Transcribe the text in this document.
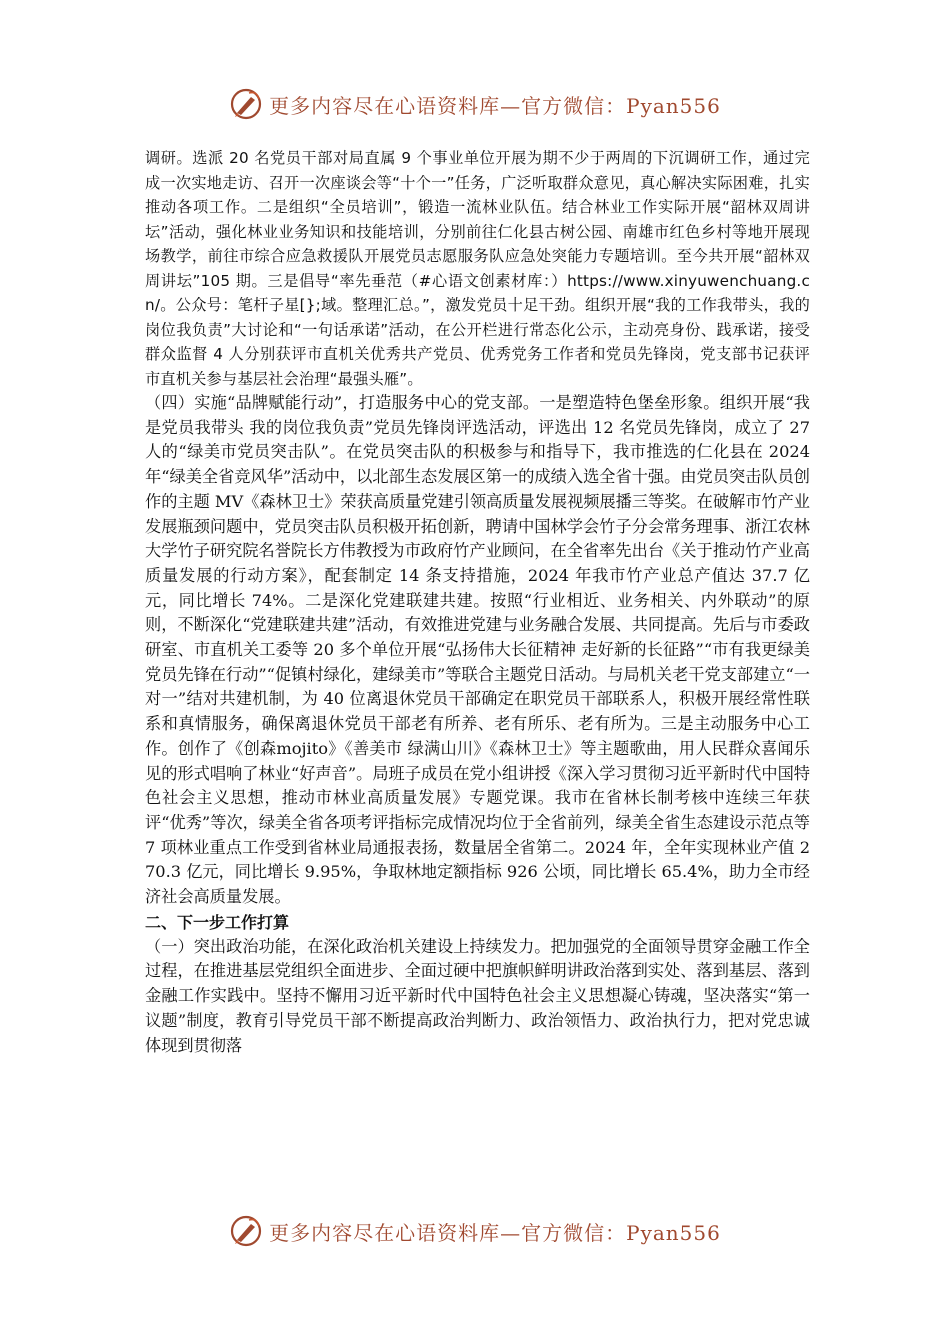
更多内容尽在心语资料库—官方微信：Pyan556

调研。选派 20 名党员干部对局直属 9 个事业单位开展为期不少于两周的下沉调研工作，通过完成一次实地走访、召开一次座谈会等“十个一”任务，广泛听取群众意见，真心解决实际困难，扎实推动各项工作。二是组织“全员培训”，锻造一流林业队伍。结合林业工作实际开展“韶林双周讲坛”活动，强化林业业务知识和技能培训，分别前往仁化县古树公园、南雄市红色乡村等地开展现场教学，前往市综合应急救援队开展党员志愿服务队应急处突能力专题培训。至今共开展“韶林双周讲坛”105 期。三是倡导“率先垂范（#心语文创素材库：）https://www.xinyuwenchuang.cn/。公众号：笔杆子星[};域。整理汇总。”，激发党员十足干劲。组织开展“我的工作我带头，我的岗位我负责”大讨论和“一句话承诺”活动，在公开栏进行常态化公示，主动亮身份、践承诺，接受群众监督 4 人分别获评市直机关优秀共产党员、优秀党务工作者和党员先锋岗，党支部书记获评市直机关参与基层社会治理“最强头雁”。

（四）实施“品牌赋能行动”，打造服务中心的党支部。一是塑造特色堡垒形象。组织开展“我是党员我带头 我的岗位我负责”党员先锋岗评选活动，评选出 12 名党员先锋岗，成立了 27 人的“绿美市党员突击队”。在党员突击队的积极参与和指导下，我市推选的仁化县在 2024 年“绿美全省竞风华”活动中，以北部生态发展区第一的成绩入选全省十强。由党员突击队员创作的主题 MV《森林卫士》荣获高质量党建引领高质量发展视频展播三等奖。在破解市竹产业发展瓶颈问题中，党员突击队员积极开拓创新，聘请中国林学会竹子分会常务理事、浙江农林大学竹子研究院名誉院长方伟教授为市政府竹产业顾问，在全省率先出台《关于推动竹产业高质量发展的行动方案》，配套制定 14 条支持措施，2024 年我市竹产业总产值达 37.7 亿元，同比增长 74%。二是深化党建联建共建。按照“行业相近、业务相关、内外联动”的原则，不断深化“党建联建共建”活动，有效推进党建与业务融合发展、共同提高。先后与市委政研室、市直机关工委等 20 多个单位开展“弘扬伟大长征精神 走好新的长征路”“市有我更绿美党员先锋在行动”“促镇村绿化，建绿美市”等联合主题党日活动。与局机关老干党支部建立“一对一”结对共建机制，为 40 位离退休党员干部确定在职党员干部联系人，积极开展经常性联系和真情服务，确保离退休党员干部老有所养、老有所乐、老有所为。三是主动服务中心工作。创作了《创森mojito》《善美市 绿满山川》《森林卫士》等主题歌曲，用人民群众喜闻乐见的形式唱响了林业“好声音”。局班子成员在党小组讲授《深入学习贯彻习近平新时代中国特色社会主义思想，推动市林业高质量发展》专题党课。我市在省林长制考核中连续三年获评“优秀”等次，绿美全省各项考评指标完成情况均位于全省前列，绿美全省生态建设示范点等 7 项林业重点工作受到省林业局通报表扬，数量居全省第二。2024 年，全年实现林业产值 270.3 亿元，同比增长 9.95%，争取林地定额指标 926 公顷，同比增长 65.4%，助力全市经济社会高质量发展。

二、下一步工作打算

（一）突出政治功能，在深化政治机关建设上持续发力。把加强党的全面领导贯穿金融工作全过程，在推进基层党组织全面进步、全面过硬中把旗帜鲜明讲政治落到实处、落到基层、落到金融工作实践中。坚持不懈用习近平新时代中国特色社会主义思想凝心铸魂，坚决落实“第一议题”制度，教育引导党员干部不断提高政治判断力、政治领悟力、政治执行力，把对党忠诚体现到贯彻落

更多内容尽在心语资料库—官方微信：Pyan556
